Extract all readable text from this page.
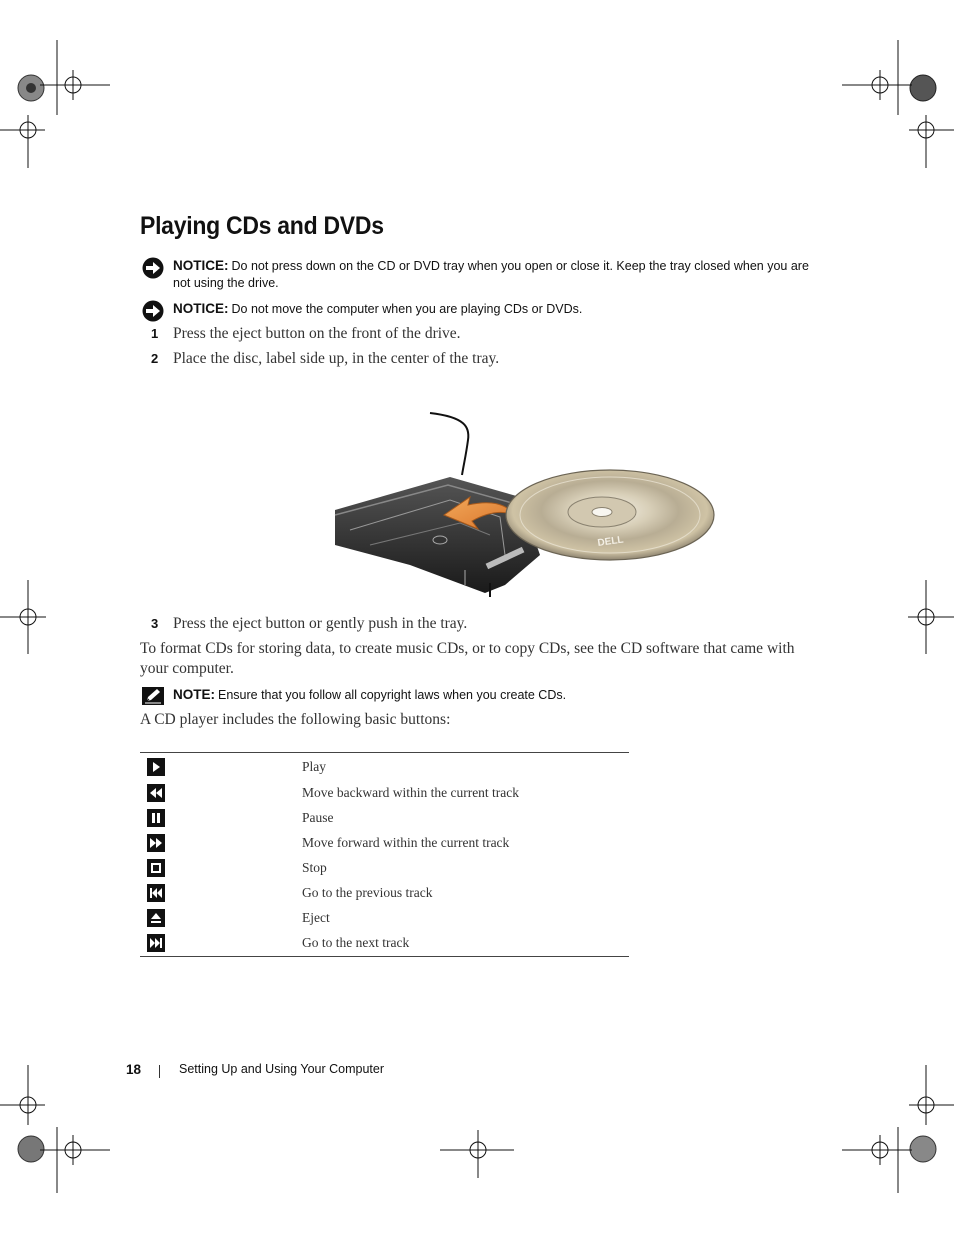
Playing CDs and DVDs
NOTICE: Do not press down on the CD or DVD tray when you open or close it. Keep the tray closed when you are not using the drive.
NOTICE: Do not move the computer when you are playing CDs or DVDs.
1 Press the eject button on the front of the drive.
2 Place the disc, label side up, in the center of the tray.
DELL
3 Press the eject button or gently push in the tray.
To format CDs for storing data, to create music CDs, or to copy CDs, see the CD software that came with your computer.
NOTE: Ensure that you follow all copyright laws when you create CDs.
A CD player includes the following basic buttons:
	Play

	Move backward within the current track

	Pause

	Move forward within the current track

	Stop

	Go to the previous track

	Eject

	Go to the next track
18	Setting Up and Using Your Computer
